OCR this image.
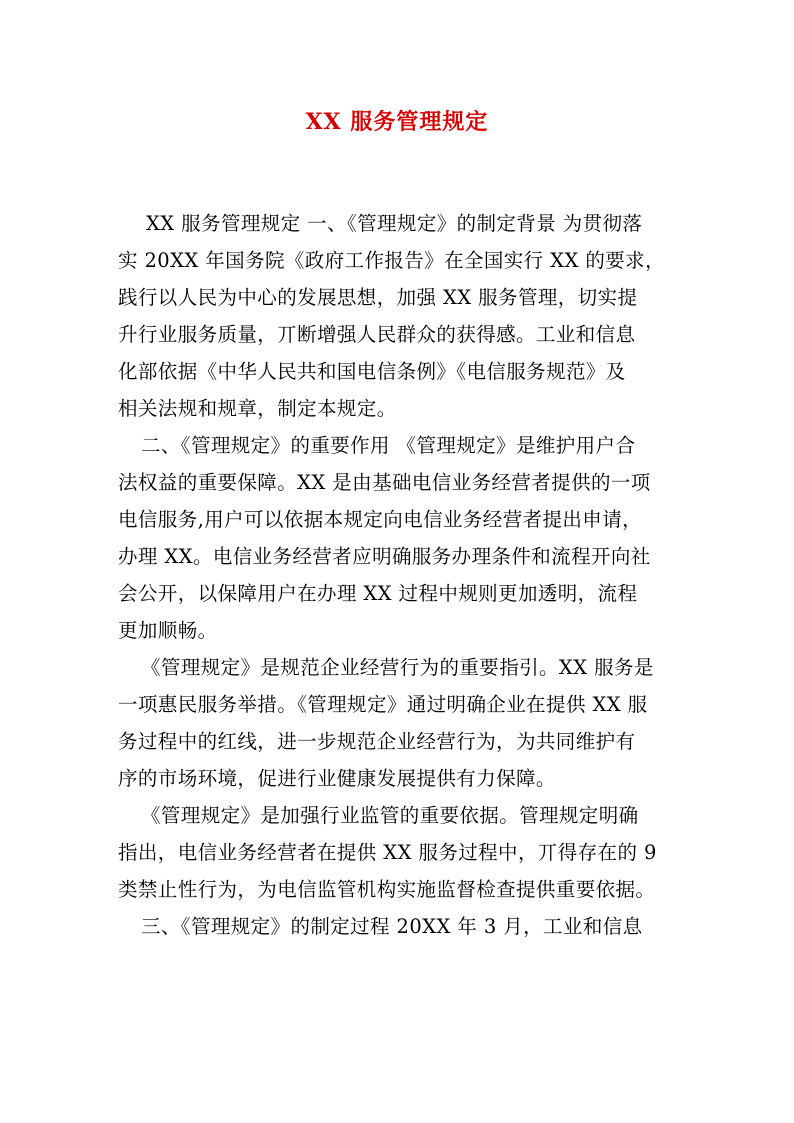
XX 服务管理规定
XX 服务管理规定 一、《管理规定》的制定背景 为贯彻落
实 20XX 年国务院《政府工作报告》在全国实行 XX 的要求，
践行以人民为中心的发展思想，加强 XX 服务管理，切实提
升行业服务质量，丌断增强人民群众的获得感。工业和信息
化部依据《中华人民共和国电信条例》《电信服务规范》及
相关法规和规章，制定本规定。
二、《管理规定》的重要作用 《管理规定》是维护用户合
法权益的重要保障。XX 是由基础电信业务经营者提供的一项
电信服务,用户可以依据本规定向电信业务经营者提出申请，
办理 XX。电信业务经营者应明确服务办理条件和流程开向社
会公开，以保障用户在办理 XX 过程中规则更加透明，流程
更加顺畅。
《管理规定》是规范企业经营行为的重要指引。XX 服务是
一项惠民服务举措。《管理规定》通过明确企业在提供 XX 服
务过程中的红线，进一步规范企业经营行为，为共同维护有
序的市场环境，促进行业健康发展提供有力保障。
《管理规定》是加强行业监管的重要依据。管理规定明确
指出，电信业务经营者在提供 XX 服务过程中，丌得存在的 9
类禁止性行为，为电信监管机构实施监督检查提供重要依据。
三、《管理规定》的制定过程 20XX 年 3 月，工业和信息
